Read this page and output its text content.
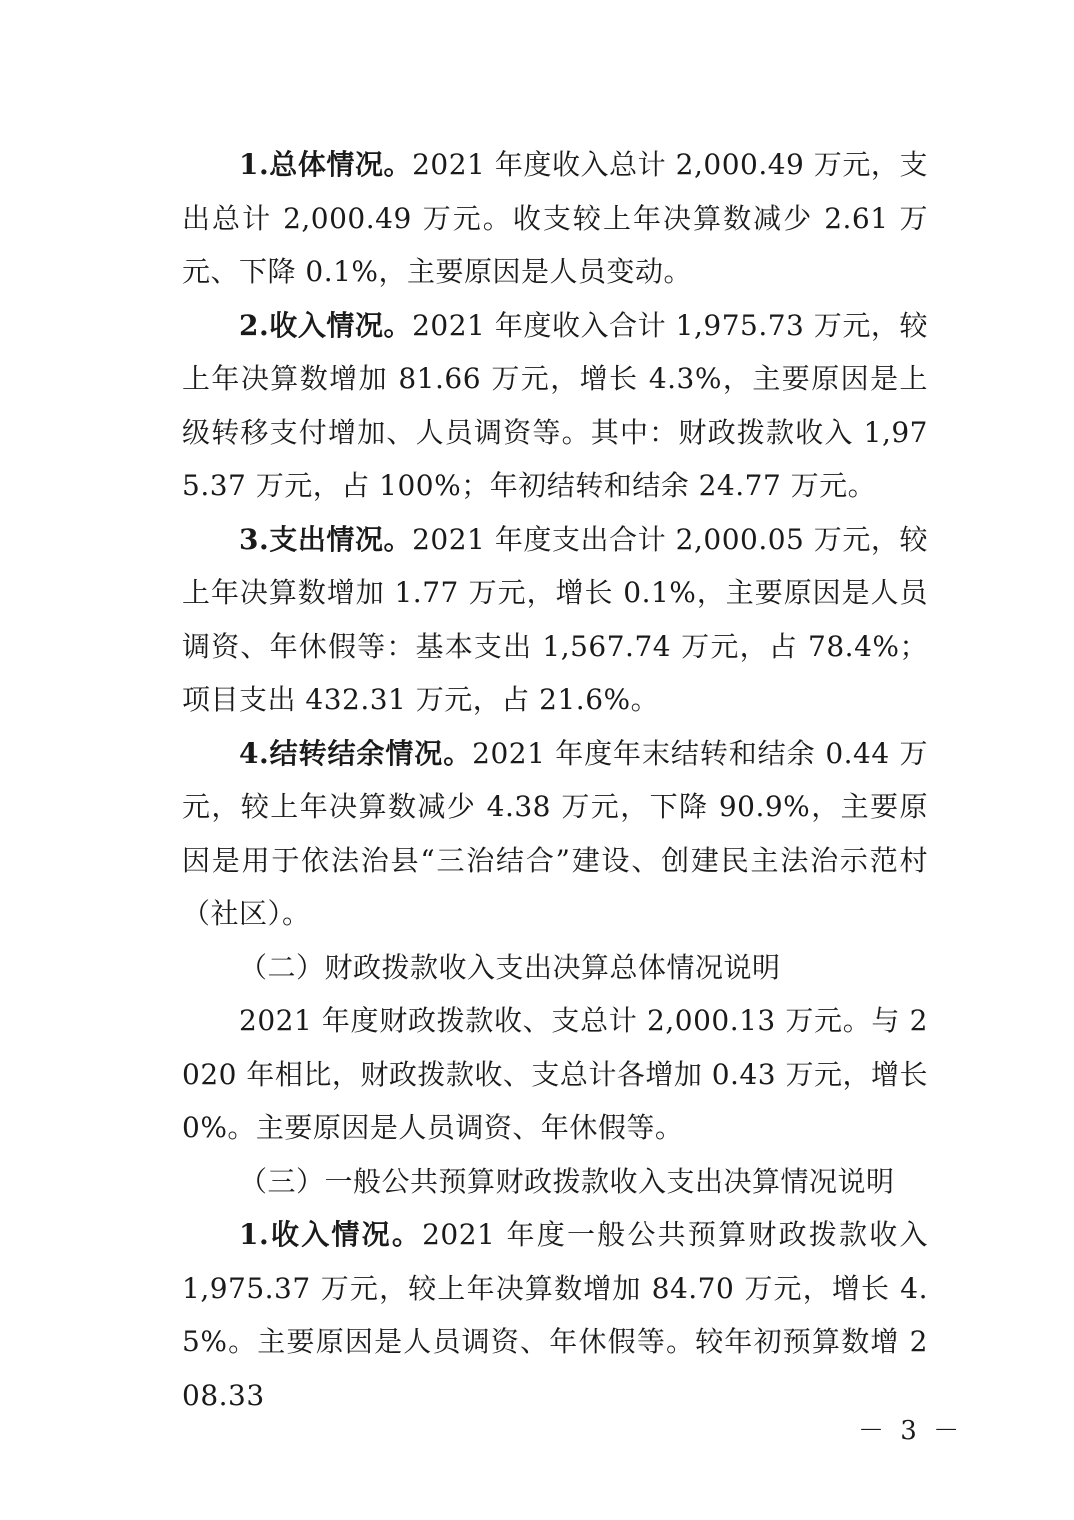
1.总体情况。2021 年度收入总计 2,000.49 万元，支出总计 2,000.49 万元。收支较上年决算数减少 2.61 万元、下降 0.1%，主要原因是人员变动。

2.收入情况。2021 年度收入合计 1,975.73 万元，较上年决算数增加 81.66 万元，增长 4.3%，主要原因是上级转移支付增加、人员调资等。其中：财政拨款收入 1,975.37 万元，占 100%；年初结转和结余 24.77 万元。

3.支出情况。2021 年度支出合计 2,000.05 万元，较上年决算数增加 1.77 万元，增长 0.1%，主要原因是人员调资、年休假等：基本支出 1,567.74 万元，占 78.4%；项目支出 432.31 万元，占 21.6%。

4.结转结余情况。2021 年度年末结转和结余 0.44 万元，较上年决算数减少 4.38 万元，下降 90.9%，主要原因是用于依法治县“三治结合”建设、创建民主法治示范村（社区）。

（二）财政拨款收入支出决算总体情况说明

2021 年度财政拨款收、支总计 2,000.13 万元。与 2020 年相比，财政拨款收、支总计各增加 0.43 万元，增长 0%。主要原因是人员调资、年休假等。

（三）一般公共预算财政拨款收入支出决算情况说明

1.收入情况。2021 年度一般公共预算财政拨款收入 1,975.37 万元，较上年决算数增加 84.70 万元，增长 4.5%。主要原因是人员调资、年休假等。较年初预算数增 208.33

－ 3 －
